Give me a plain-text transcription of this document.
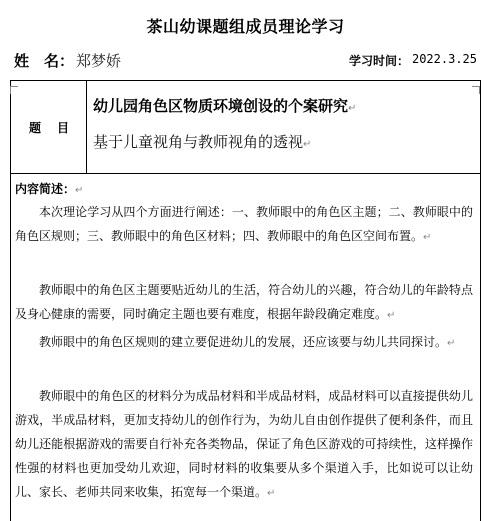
茶山幼课题组成员理论学习
姓　名： 郑梦娇	学习时间： 2022.3.25
题　目
幼儿园角色区物质环境创设的个案研究↵
基于儿童视角与教师视角的透视↵
内容简述：↵

本次理论学习从四个方面进行阐述：一、教师眼中的角色区主题；二、教师眼中的角色区规则；三、教师眼中的角色区材料；四、教师眼中的角色区空间布置。↵

教师眼中的角色区主题要贴近幼儿的生活，符合幼儿的兴趣，符合幼儿的年龄特点及身心健康的需要，同时确定主题也要有难度，根据年龄段确定难度。↵

教师眼中的角色区规则的建立要促进幼儿的发展，还应该要与幼儿共同探讨。↵

教师眼中的角色区的材料分为成品材料和半成品材料，成品材料可以直接提供幼儿游戏，半成品材料，更加支持幼儿的创作行为，为幼儿自由创作提供了便利条件，而且幼儿还能根据游戏的需要自行补充各类物品，保证了角色区游戏的可持续性，这样操作性强的材料也更加受幼儿欢迎，同时材料的收集要从多个渠道入手，比如说可以让幼儿、家长、老师共同来收集，拓宽每一个渠道。↵
